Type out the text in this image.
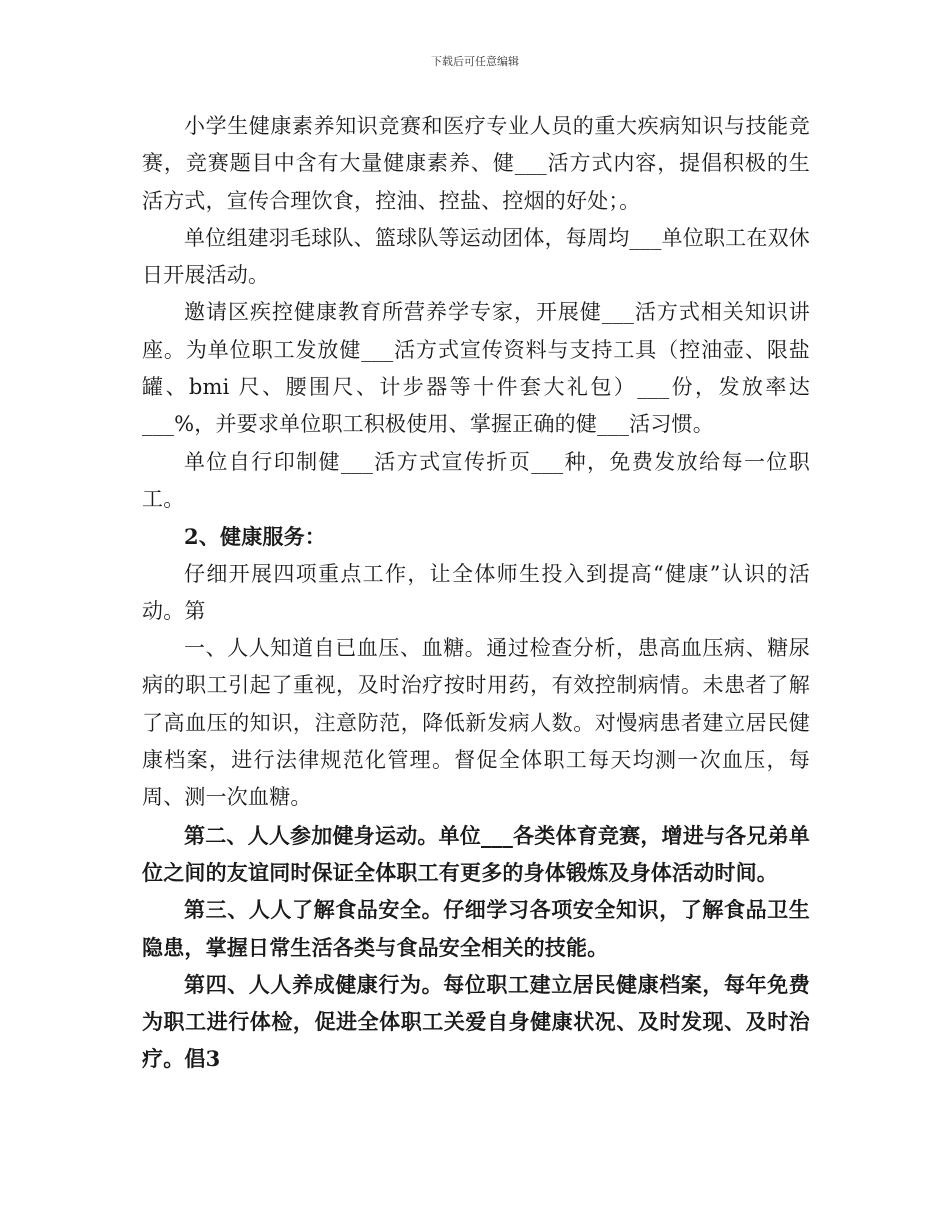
下载后可任意编辑

小学生健康素养知识竞赛和医疗专业人员的重大疾病知识与技能竞赛，竞赛题目中含有大量健康素养、健___活方式内容，提倡积极的生活方式，宣传合理饮食，控油、控盐、控烟的好处；。

单位组建羽毛球队、篮球队等运动团体，每周均___单位职工在双休日开展活动。

邀请区疾控健康教育所营养学专家，开展健___活方式相关知识讲座。为单位职工发放健___活方式宣传资料与支持工具（控油壶、限盐罐、bmi 尺、腰围尺、计步器等十件套大礼包）___份，发放率达___%，并要求单位职工积极使用、掌握正确的健___活习惯。

单位自行印制健___活方式宣传折页___种，免费发放给每一位职工。

2、健康服务：

仔细开展四项重点工作，让全体师生投入到提高“健康”认识的活动。第

一、人人知道自已血压、血糖。通过检查分析，患高血压病、糖尿病的职工引起了重视，及时治疗按时用药，有效控制病情。未患者了解了高血压的知识，注意防范，降低新发病人数。对慢病患者建立居民健康档案，进行法律规范化管理。督促全体职工每天均测一次血压，每周、测一次血糖。

第二、人人参加健身运动。单位___各类体育竞赛，增进与各兄弟单位之间的友谊同时保证全体职工有更多的身体锻炼及身体活动时间。

第三、人人了解食品安全。仔细学习各项安全知识，了解食品卫生隐患，掌握日常生活各类与食品安全相关的技能。

第四、人人养成健康行为。每位职工建立居民健康档案，每年免费为职工进行体检，促进全体职工关爱自身健康状况、及时发现、及时治疗。倡3
